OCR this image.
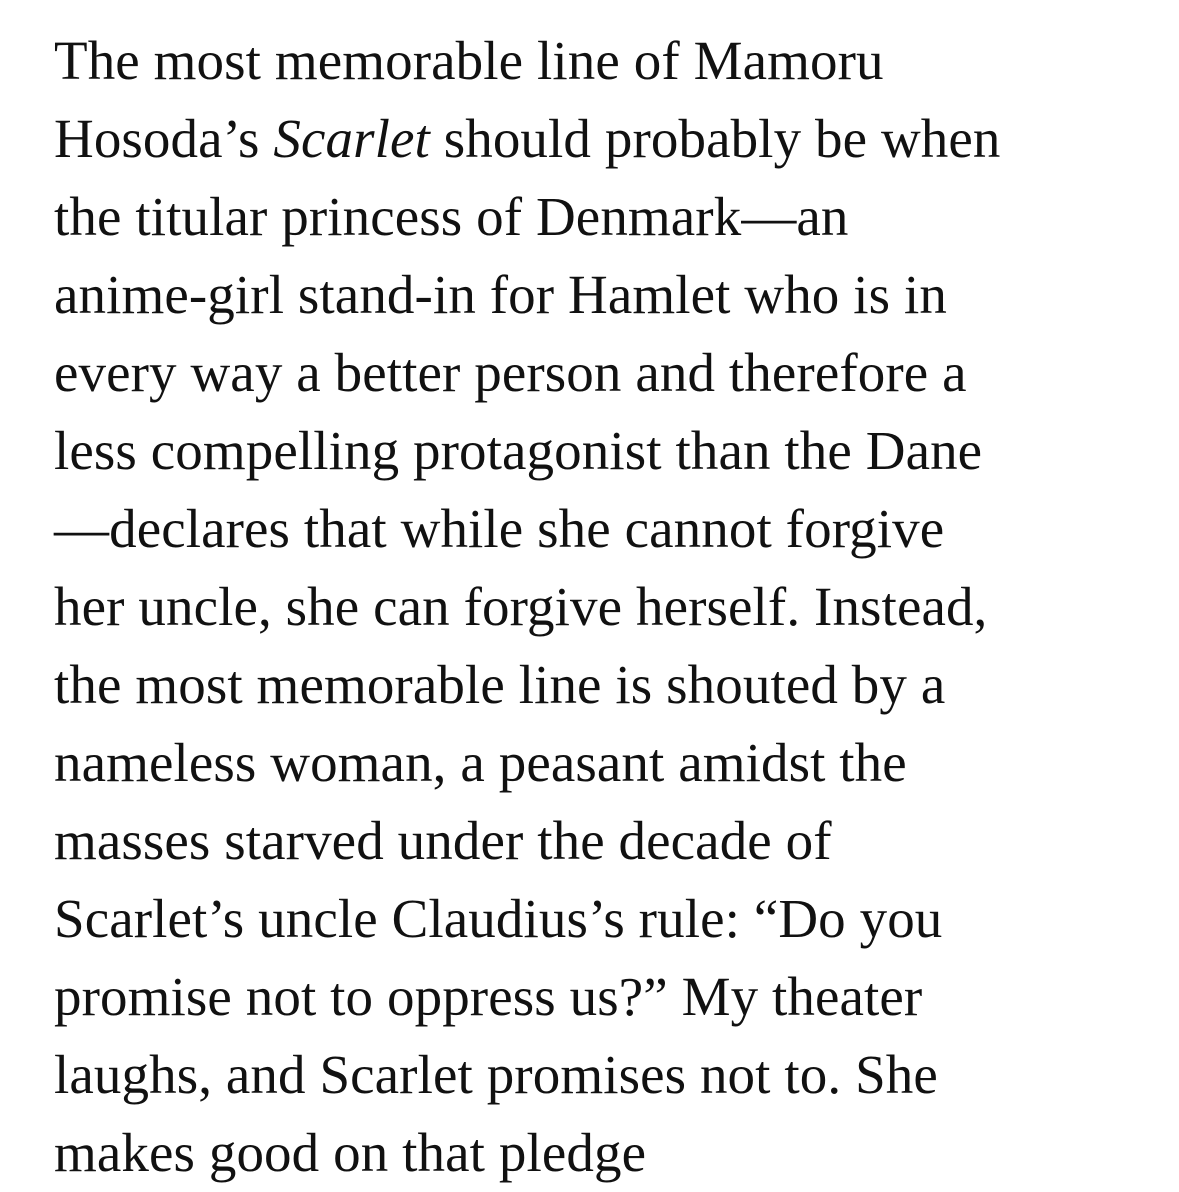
The most memorable line of Mamoru
Hosoda’s Scarlet should probably be when
the titular princess of Denmark—an
anime-girl stand-in for Hamlet who is in
every way a better person and therefore a
less compelling protagonist than the Dane
—declares that while she cannot forgive
her uncle, she can forgive herself. Instead,
the most memorable line is shouted by a
nameless woman, a peasant amidst the
masses starved under the decade of
Scarlet’s uncle Claudius’s rule: “Do you
promise not to oppress us?” My theater
laughs, and Scarlet promises not to. She
makes good on that pledge
